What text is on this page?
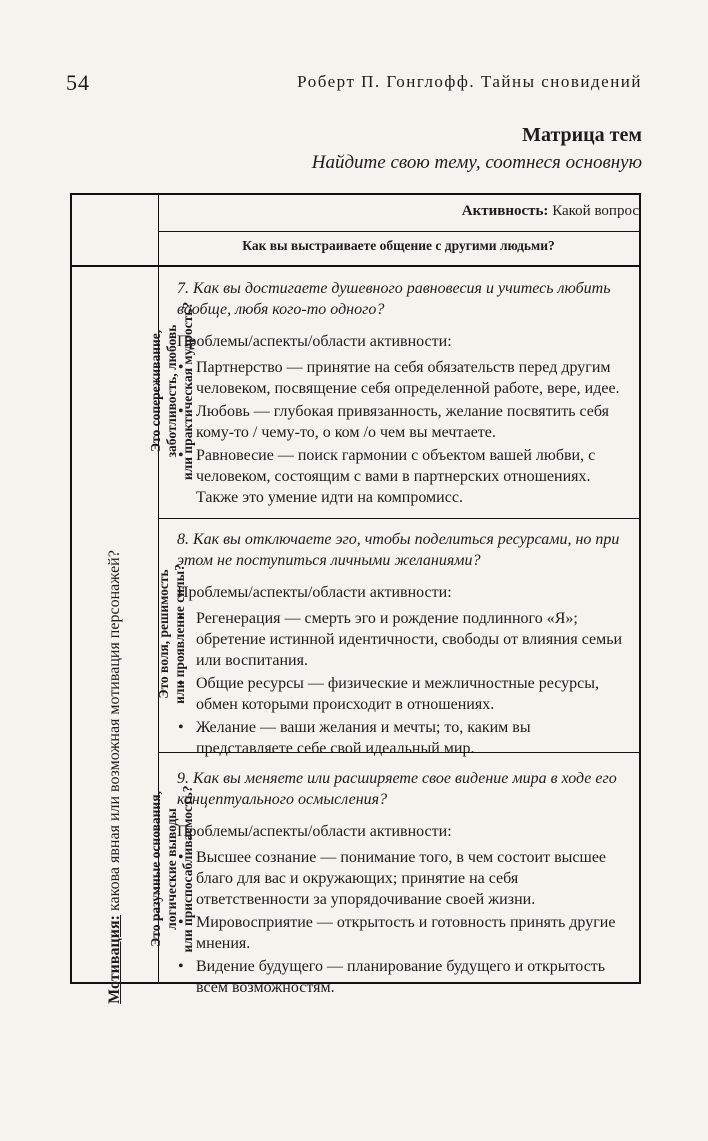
54	Роберт П. Гонглофф. Тайны сновидений
Матрица тем
Найдите свою тему, соотнеся основную
Активность: Какой вопрос
Как вы выстраиваете общение с другими людьми?
Мотивация: какова явная или возможная мотивация персонажей?
Это сопереживание, заботливость, любовь или практическая мудрость?
7. Как вы достигаете душевного равновесия и учитесь любить вообще, любя кого-то одного?
Проблемы/аспекты/области активности:
• Партнерство — принятие на себя обязательств перед другим человеком, посвящение себя определенной работе, вере, идее.
• Любовь — глубокая привязанность, желание посвятить себя кому-то / чему-то, о ком /о чем вы мечтаете.
• Равновесие — поиск гармонии с объектом вашей любви, с человеком, состоящим с вами в партнерских отношениях. Также это умение идти на компромисс.
Это воля, решимость или проявление силы?
8. Как вы отключаете эго, чтобы поделиться ресурсами, но при этом не поступиться личными желаниями?
Проблемы/аспекты/области активности:
• Регенерация — смерть эго и рождение подлинного «Я»; обретение истинной идентичности, свободы от влияния семьи или воспитания.
• Общие ресурсы — физические и межличностные ресурсы, обмен которыми происходит в отношениях.
• Желание — ваши желания и мечты; то, каким вы представляете себе свой идеальный мир.
Это разумные основания, логические выводы или приспосабливаемость?
9. Как вы меняете или расширяете свое видение мира в ходе его концептуального осмысления?
Проблемы/аспекты/области активности:
• Высшее сознание — понимание того, в чем состоит высшее благо для вас и окружающих; принятие на себя ответственности за упорядочивание своей жизни.
• Мировосприятие — открытость и готовность принять другие мнения.
• Видение будущего — планирование будущего и открытость всем возможностям.
